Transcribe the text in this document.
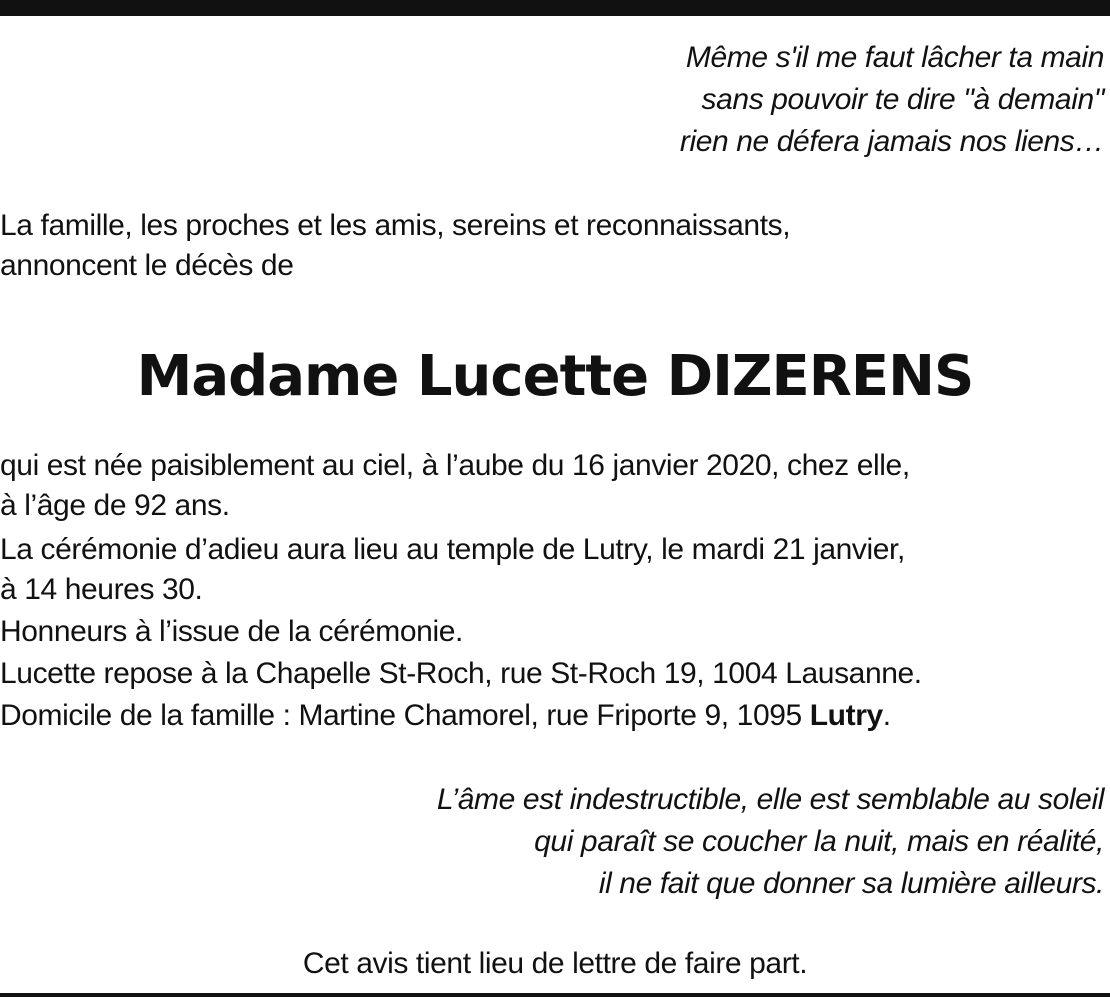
Même s'il me faut lâcher ta main
sans pouvoir te dire "à demain"
rien ne défera jamais nos liens…
La famille, les proches et les amis, sereins et reconnaissants,
annoncent le décès de
Madame Lucette DIZERENS
qui est née paisiblement au ciel, à l’aube du 16 janvier 2020, chez elle,
à l’âge de 92 ans.
La cérémonie d’adieu aura lieu au temple de Lutry, le mardi 21 janvier,
à 14 heures 30.
Honneurs à l’issue de la cérémonie.
Lucette repose à la Chapelle St-Roch, rue St-Roch 19, 1004 Lausanne.
Domicile de la famille : Martine Chamorel, rue Friporte 9, 1095 Lutry.
L’âme est indestructible, elle est semblable au soleil
qui paraît se coucher la nuit, mais en réalité,
il ne fait que donner sa lumière ailleurs.
Cet avis tient lieu de lettre de faire part.
